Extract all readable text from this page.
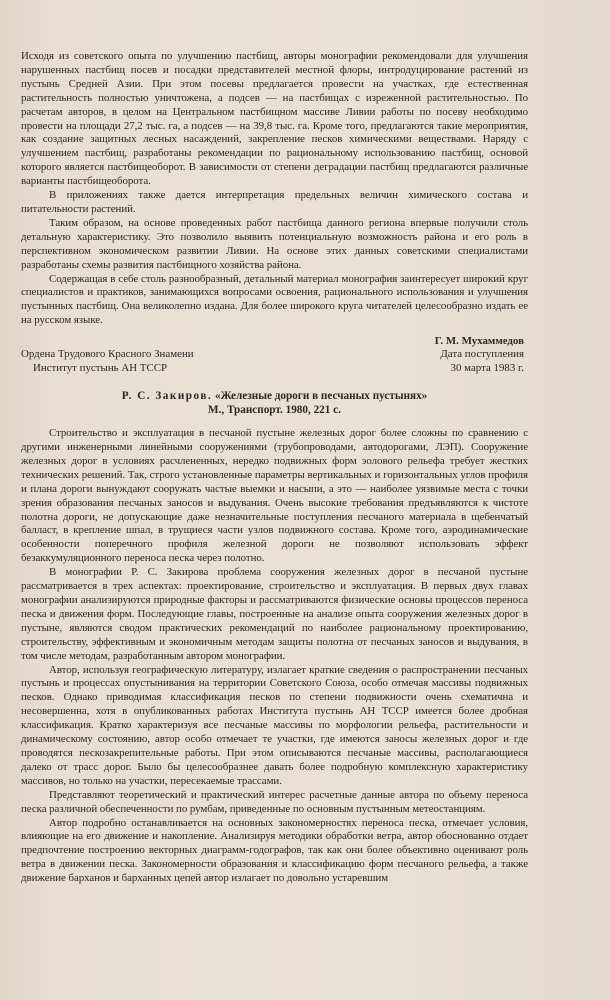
Исходя из советского опыта по улучшению пастбищ, авторы монографии рекомендовали для улучшения нарушенных пастбищ посев и посадки представителей местной флоры, интродуцирование растений из пустынь Средней Азии. При этом посевы предлагается провести на участках, где естественная растительность полностью уничтожена, а подсев — на пастбищах с изреженной растительностью. По расчетам авторов, в целом на Центральном пастбищном массиве Ливии работы по посеву необходимо провести на площади 27,2 тыс. га, а подсев — на 39,8 тыс. га. Кроме того, предлагаются такие мероприятия, как создание защитных лесных насаждений, закрепление песков химическими веществами. Наряду с улучшением пастбищ, разработаны рекомендации по рациональному использованию пастбищ, основой которого является пастбищеоборот. В зависимости от степени деградации пастбищ предлагаются различные варианты пастбищеоборота.

В приложениях также дается интерпретация предельных величин химического состава и питательности растений.

Таким образом, на основе проведенных работ пастбища данного региона впервые получили столь детальную характеристику. Это позволило выявить потенциальную возможность района и его роль в перспективном экономическом развитии Ливии. На основе этих данных советскими специалистами разработаны схемы развития пастбищного хозяйства района.

Содержащая в себе столь разнообразный, детальный материал монография заинтересует широкий круг специалистов и практиков, занимающихся вопросами освоения, рационального использования и улучшения пустынных пастбищ. Она великолепно издана. Для более широкого круга читателей целесообразно издать ее на русском языке.

Г. М. Мухаммедов
Ордена Трудового Красного Знамени
Институт пустынь АН ТССР
Дата поступления
30 марта 1983 г.
Р. С. Закиров. «Железные дороги в песчаных пустынях»
М., Транспорт. 1980, 221 с.

Строительство и эксплуатация в песчаной пустыне железных дорог более сложны по сравнению с другими инженерными линейными сооружениями (трубопроводами, автодорогами, ЛЭП). Сооружение железных дорог в условиях расчлененных, нередко подвижных форм эолового рельефа требует жестких технических решений. Так, строго установленные параметры вертикальных и горизонтальных углов профиля и плана дороги вынуждают сооружать частые выемки и насыпи, а это — наиболее уязвимые места с точки зрения образования песчаных заносов и выдувания. Очень высокие требования предъявляются к чистоте полотна дороги, не допускающие даже незначительные поступления песчаного материала в щебенчатый балласт, в крепление шпал, в трущиеся части узлов подвижного состава. Кроме того, аэродинамические особенности поперечного профиля железной дороги не позволяют использовать эффект безаккумуляционного переноса песка через полотно.

В монографии Р. С. Закирова проблема сооружения железных дорог в песчаной пустыне рассматривается в трех аспектах: проектирование, строительство и эксплуатация. В первых двух главах монографии анализируются природные факторы и рассматриваются физические основы процессов переноса песка и движения форм. Последующие главы, построенные на анализе опыта сооружения железных дорог в пустыне, являются сводом практических рекомендаций по наиболее рациональному проектированию, строительству, эффективным и экономичным методам защиты полотна от песчаных заносов и выдувания, в том числе методам, разработанным автором монографии.

Автор, используя географическую литературу, излагает краткие сведения о распространении песчаных пустынь и процессах опустынивания на территории Советского Союза, особо отмечая массивы подвижных песков. Однако приводимая классификация песков по степени подвижности очень схематична и несовершенна, хотя в опубликованных работах Института пустынь АН ТССР имеется более дробная классификация. Кратко характеризуя все песчаные массивы по морфологии рельефа, растительности и динамическому состоянию, автор особо отмечает те участки, где имеются заносы железных дорог и где проводятся пескозакрепительные работы. При этом описываются песчаные массивы, располагающиеся далеко от трасс дорог. Было бы целесообразнее давать более подробную комплексную характеристику массивов, но только на участки, пересекаемые трассами.

Представляют теоретический и практический интерес расчетные данные автора по объему переноса песка различной обеспеченности по румбам, приведенные по основным пустынным метеостанциям.

Автор подробно останавливается на основных закономерностях переноса песка, отмечает условия, влияющие на его движение и накопление. Анализируя методики обработки ветра, автор обоснованно отдает предпочтение построению векторных диаграмм-годографов, так как они более объективно оценивают роль ветра в движении песка. Закономерности образования и классификацию форм песчаного рельефа, а также движение барханов и барханных цепей автор излагает по довольно устаревшим
